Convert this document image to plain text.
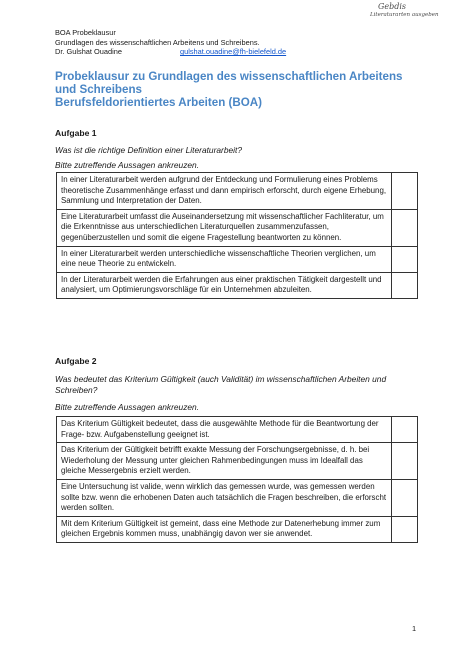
Gebdis
Literaturarten ausgeben
BOA Probeklausur
Grundlagen des wissenschaftlichen Arbeitens und Schreibens.
Dr. Gulshat Ouadine	gulshat.ouadine@fh-bielefeld.de
Probeklausur zu Grundlagen des wissenschaftlichen Arbeitens und Schreibens
Berufsfeldorientiertes Arbeiten (BOA)
Aufgabe 1
Was ist die richtige Definition einer Literaturarbeit?
Bitte zutreffende Aussagen ankreuzen.
In einer Literaturarbeit werden aufgrund der Entdeckung und Formulierung eines Problems theoretische Zusammenhänge erfasst und dann empirisch erforscht, durch eigene Erhebung, Sammlung und Interpretation der Daten.	
Eine Literaturarbeit umfasst die Auseinandersetzung mit wissenschaftlicher Fachliteratur, um die Erkenntnisse aus unterschiedlichen Literaturquellen zusammenzufassen, gegenüberzustellen und somit die eigene Fragestellung beantworten zu können.	
In einer Literaturarbeit werden unterschiedliche wissenschaftliche Theorien verglichen, um eine neue Theorie zu entwickeln.	
In der Literaturarbeit werden die Erfahrungen aus einer praktischen Tätigkeit dargestellt und analysiert, um Optimierungsvorschläge für ein Unternehmen abzuleiten.	
Aufgabe 2
Was bedeutet das Kriterium Gültigkeit (auch Validität) im wissenschaftlichen Arbeiten und Schreiben?
Bitte zutreffende Aussagen ankreuzen.
Das Kriterium Gültigkeit bedeutet, dass die ausgewählte Methode für die Beantwortung der Frage- bzw. Aufgabenstellung geeignet ist.	
Das Kriterium der Gültigkeit betrifft exakte Messung der Forschungsergebnisse, d. h. bei Wiederholung der Messung unter gleichen Rahmenbedingungen muss im Idealfall das gleiche Messergebnis erzielt werden.	
Eine Untersuchung ist valide, wenn wirklich das gemessen wurde, was gemessen werden sollte bzw. wenn die erhobenen Daten auch tatsächlich die Fragen beschreiben, die erforscht werden sollten.	
Mit dem Kriterium Gültigkeit ist gemeint, dass eine Methode zur Datenerhebung immer zum gleichen Ergebnis kommen muss, unabhängig davon wer sie anwendet.	
1
